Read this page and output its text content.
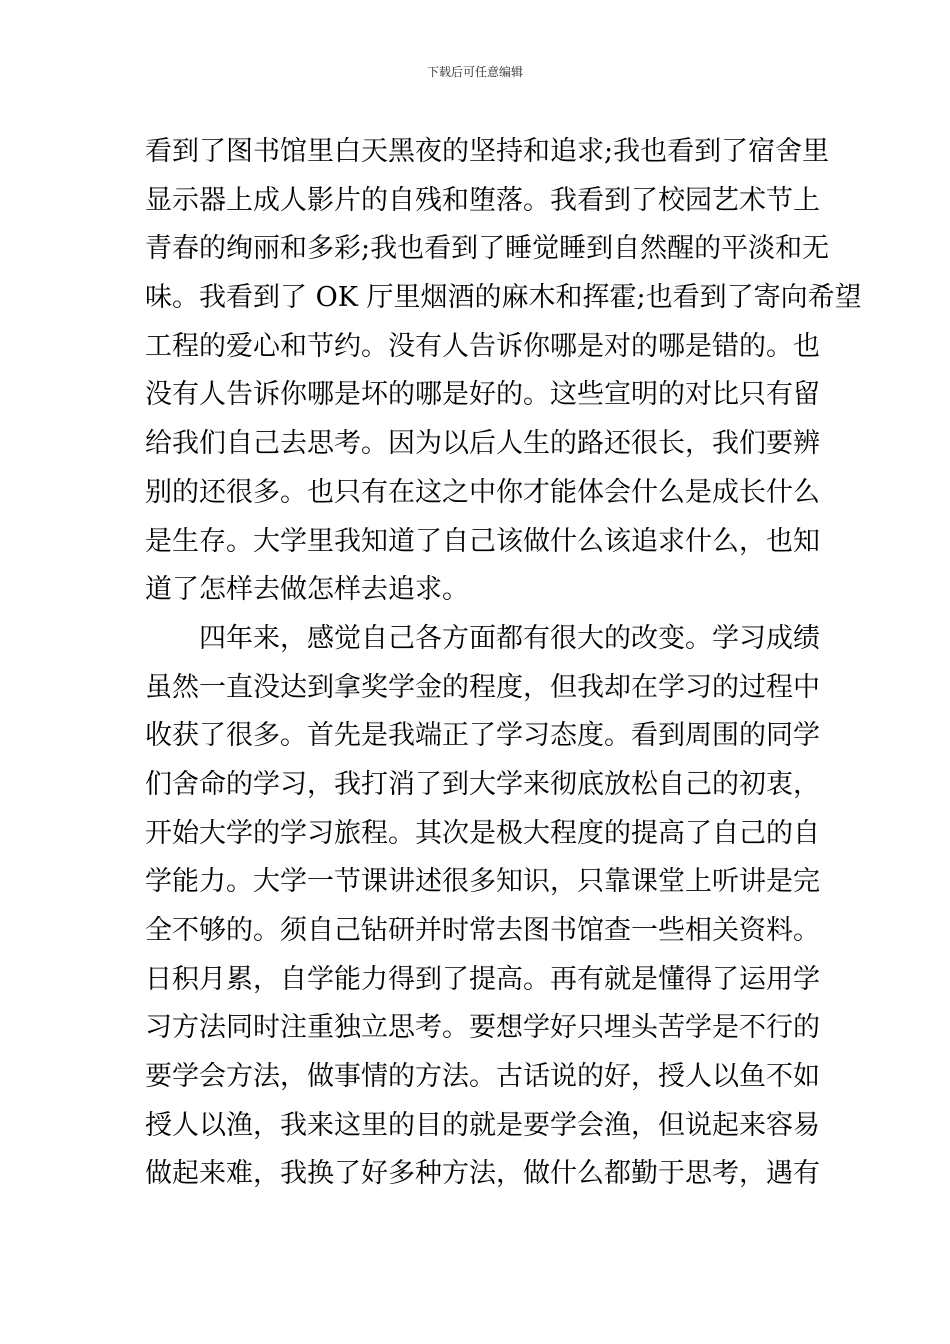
下载后可任意编辑
看到了图书馆里白天黑夜的坚持和追求;我也看到了宿舍里
显示器上成人影片的自残和堕落。我看到了校园艺术节上
青春的绚丽和多彩;我也看到了睡觉睡到自然醒的平淡和无
味。我看到了 OK 厅里烟酒的麻木和挥霍;也看到了寄向希望
工程的爱心和节约。没有人告诉你哪是对的哪是错的。也
没有人告诉你哪是坏的哪是好的。这些宣明的对比只有留
给我们自己去思考。因为以后人生的路还很长，我们要辨
别的还很多。也只有在这之中你才能体会什么是成长什么
是生存。大学里我知道了自己该做什么该追求什么，也知
道了怎样去做怎样去追求。
四年来，感觉自己各方面都有很大的改变。学习成绩
虽然一直没达到拿奖学金的程度，但我却在学习的过程中
收获了很多。首先是我端正了学习态度。看到周围的同学
们舍命的学习，我打消了到大学来彻底放松自己的初衷，
开始大学的学习旅程。其次是极大程度的提高了自己的自
学能力。大学一节课讲述很多知识，只靠课堂上听讲是完
全不够的。须自己钻研并时常去图书馆查一些相关资料。
日积月累，自学能力得到了提高。再有就是懂得了运用学
习方法同时注重独立思考。要想学好只埋头苦学是不行的
要学会方法，做事情的方法。古话说的好，授人以鱼不如
授人以渔，我来这里的目的就是要学会渔，但说起来容易
做起来难，我换了好多种方法，做什么都勤于思考，遇有
